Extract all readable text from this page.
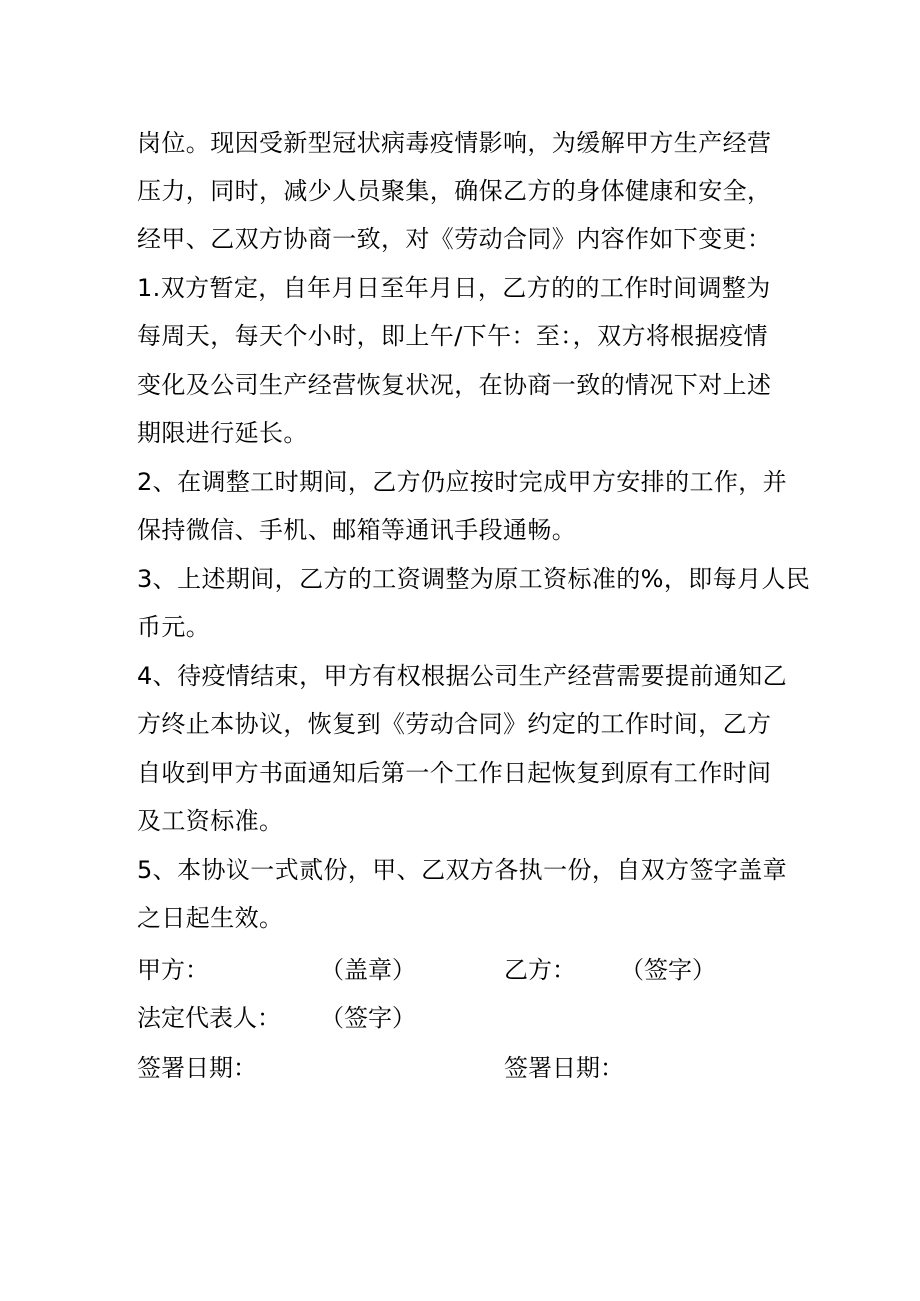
岗位。现因受新型冠状病毒疫情影响，为缓解甲方生产经营
压力，同时，减少人员聚集，确保乙方的身体健康和安全，
经甲、乙双方协商一致，对《劳动合同》内容作如下变更：
1.双方暂定，自年月日至年月日，乙方的的工作时间调整为
每周天，每天个小时，即上午/下午：至：，双方将根据疫情
变化及公司生产经营恢复状况，在协商一致的情况下对上述
期限进行延长。
2、在调整工时期间，乙方仍应按时完成甲方安排的工作，并
保持微信、手机、邮箱等通讯手段通畅。
3、上述期间，乙方的工资调整为原工资标准的%，即每月人民
币元。
4、待疫情结束，甲方有权根据公司生产经营需要提前通知乙
方终止本协议，恢复到《劳动合同》约定的工作时间，乙方
自收到甲方书面通知后第一个工作日起恢复到原有工作时间
及工资标准。
5、本协议一式贰份，甲、乙双方各执一份，自双方签字盖章
之日起生效。
甲方：	（盖章）	乙方： （签字）
法定代表人： （签字）
签署日期：	签署日期：
